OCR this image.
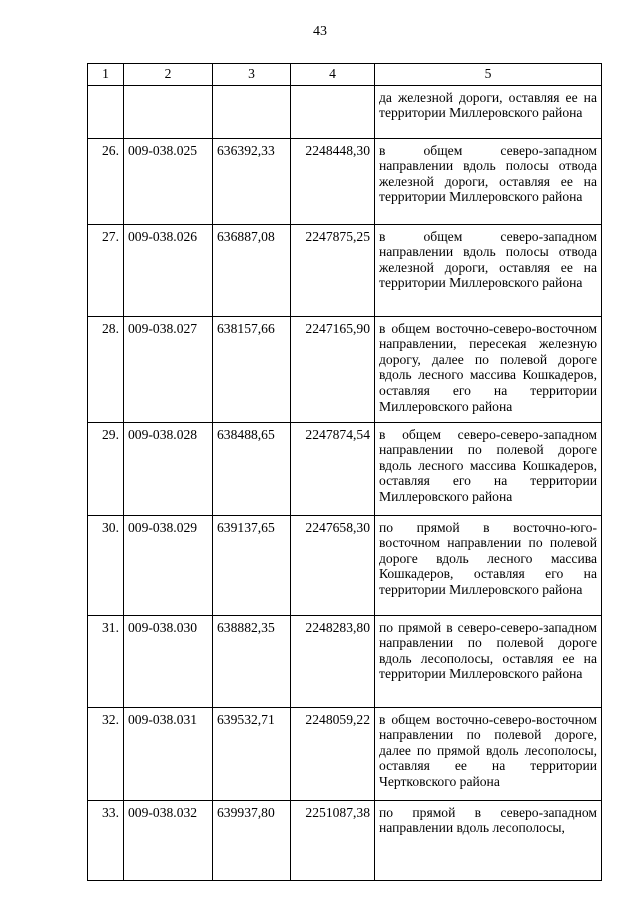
43
1	2	3	4	5
				да железной дороги, оставляя ее на территории Миллеровского района
26.	009-038.025	636392,33	2248448,30	в общем северо-западном направлении вдоль полосы отвода железной дороги, оставляя ее на территории Миллеровского района
27.	009-038.026	636887,08	2247875,25	в общем северо-западном направлении вдоль полосы отвода железной дороги, оставляя ее на территории Миллеровского района
28.	009-038.027	638157,66	2247165,90	в общем восточно-северо-восточном направлении, пересекая железную дорогу, далее по полевой дороге вдоль лесного массива Кошкадеров, оставляя его на территории Миллеровского района
29.	009-038.028	638488,65	2247874,54	в общем северо-северо-западном направлении по полевой дороге вдоль лесного массива Кошкадеров, оставляя его на территории Миллеровского района
30.	009-038.029	639137,65	2247658,30	по прямой в восточно-юго-восточном направлении по полевой дороге вдоль лесного массива Кошкадеров, оставляя его на территории Миллеровского района
31.	009-038.030	638882,35	2248283,80	по прямой в северо-северо-западном направлении по полевой дороге вдоль лесополосы, оставляя ее на территории Миллеровского района
32.	009-038.031	639532,71	2248059,22	в общем восточно-северо-восточном направлении по полевой дороге, далее по прямой вдоль лесополосы, оставляя ее на территории Чертковского района
33.	009-038.032	639937,80	2251087,38	по прямой в северо-западном направлении вдоль лесополосы,
